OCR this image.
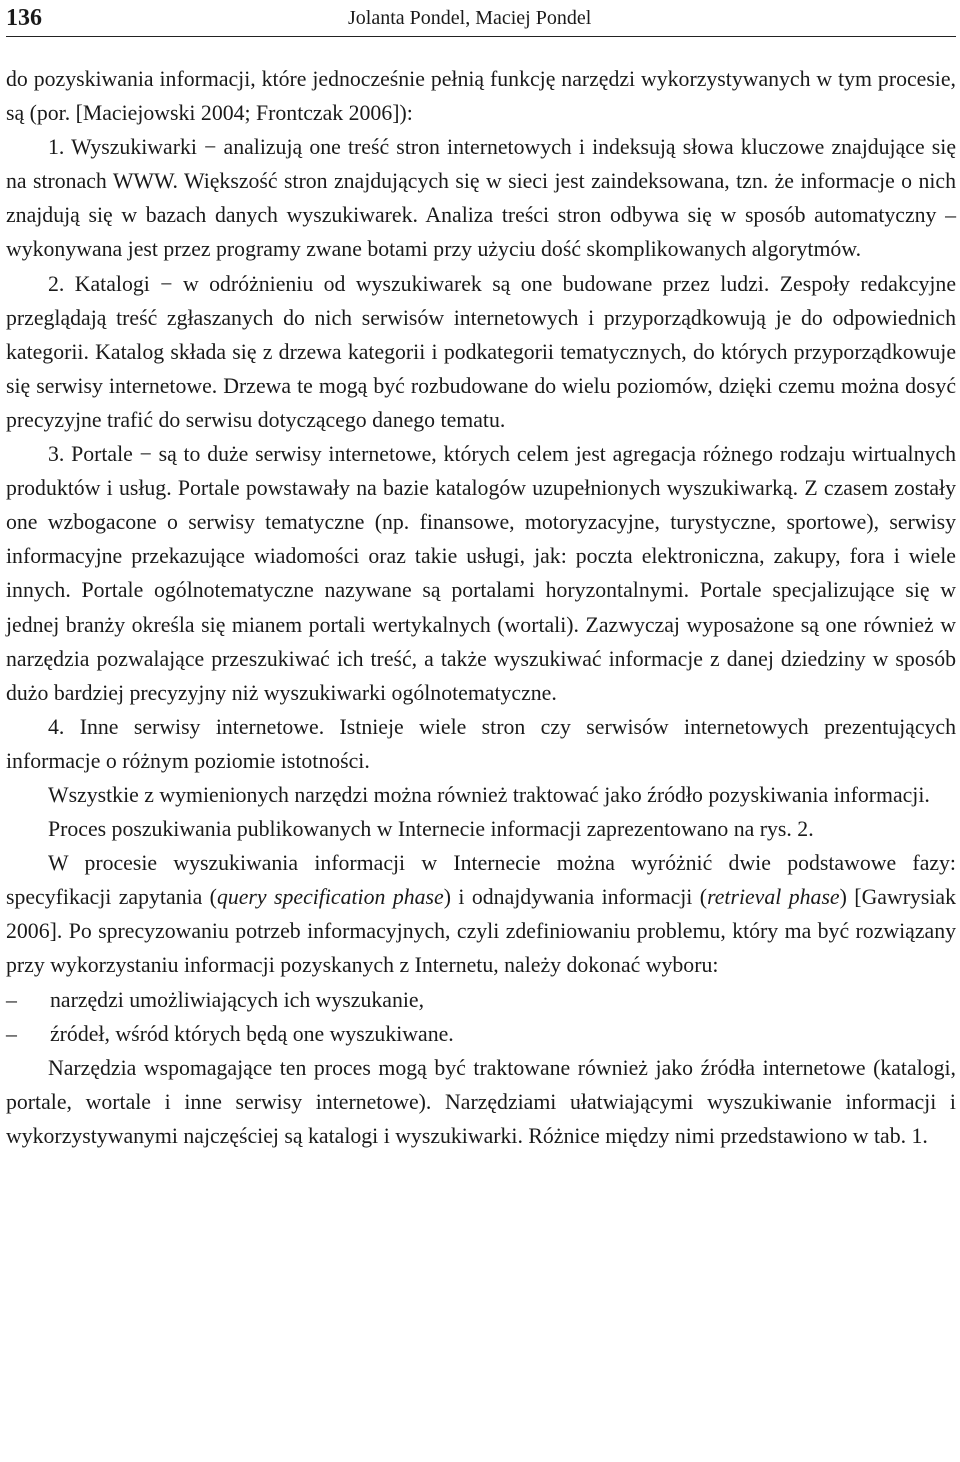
136	Jolanta Pondel, Maciej Pondel

do pozyskiwania informacji, które jednocześnie pełnią funkcję narzędzi wykorzystywanych w tym procesie, są (por. [Maciejowski 2004; Frontczak 2006]):

1. Wyszukiwarki − analizują one treść stron internetowych i indeksują słowa kluczowe znajdujące się na stronach WWW. Większość stron znajdujących się w sieci jest zaindeksowana, tzn. że informacje o nich znajdują się w bazach danych wyszukiwarek. Analiza treści stron odbywa się w sposób automatyczny – wykonywana jest przez programy zwane botami przy użyciu dość skomplikowanych algorytmów.

2. Katalogi − w odróżnieniu od wyszukiwarek są one budowane przez ludzi. Zespoły redakcyjne przeglądają treść zgłaszanych do nich serwisów internetowych i przyporządkowują je do odpowiednich kategorii. Katalog składa się z drzewa kategorii i podkategorii tematycznych, do których przyporządkowuje się serwisy internetowe. Drzewa te mogą być rozbudowane do wielu poziomów, dzięki czemu można dosyć precyzyjne trafić do serwisu dotyczącego danego tematu.

3. Portale − są to duże serwisy internetowe, których celem jest agregacja różnego rodzaju wirtualnych produktów i usług. Portale powstawały na bazie katalogów uzupełnionych wyszukiwarką. Z czasem zostały one wzbogacone o serwisy tematyczne (np. finansowe, motoryzacyjne, turystyczne, sportowe), serwisy informacyjne przekazujące wiadomości oraz takie usługi, jak: poczta elektroniczna, zakupy, fora i wiele innych. Portale ogólnotematyczne nazywane są portalami horyzontalnymi. Portale specjalizujące się w jednej branży określa się mianem portali wertykalnych (wortali). Zazwyczaj wyposażone są one również w narzędzia pozwalające przeszukiwać ich treść, a także wyszukiwać informacje z danej dziedziny w sposób dużo bardziej precyzyjny niż wyszukiwarki ogólnotematyczne.

4. Inne serwisy internetowe. Istnieje wiele stron czy serwisów internetowych prezentujących informacje o różnym poziomie istotności.

Wszystkie z wymienionych narzędzi można również traktować jako źródło pozyskiwania informacji.

Proces poszukiwania publikowanych w Internecie informacji zaprezentowano na rys. 2.

W procesie wyszukiwania informacji w Internecie można wyróżnić dwie podstawowe fazy: specyfikacji zapytania (query specification phase) i odnajdywania informacji (retrieval phase) [Gawrysiak 2006]. Po sprecyzowaniu potrzeb informacyjnych, czyli zdefiniowaniu problemu, który ma być rozwiązany przy wykorzystaniu informacji pozyskanych z Internetu, należy dokonać wyboru:

–	narzędzi umożliwiających ich wyszukanie,
–	źródeł, wśród których będą one wyszukiwane.

Narzędzia wspomagające ten proces mogą być traktowane również jako źródła internetowe (katalogi, portale, wortale i inne serwisy internetowe). Narzędziami ułatwiającymi wyszukiwanie informacji i wykorzystywanymi najczęściej są katalogi i wyszukiwarki. Różnice między nimi przedstawiono w tab. 1.
